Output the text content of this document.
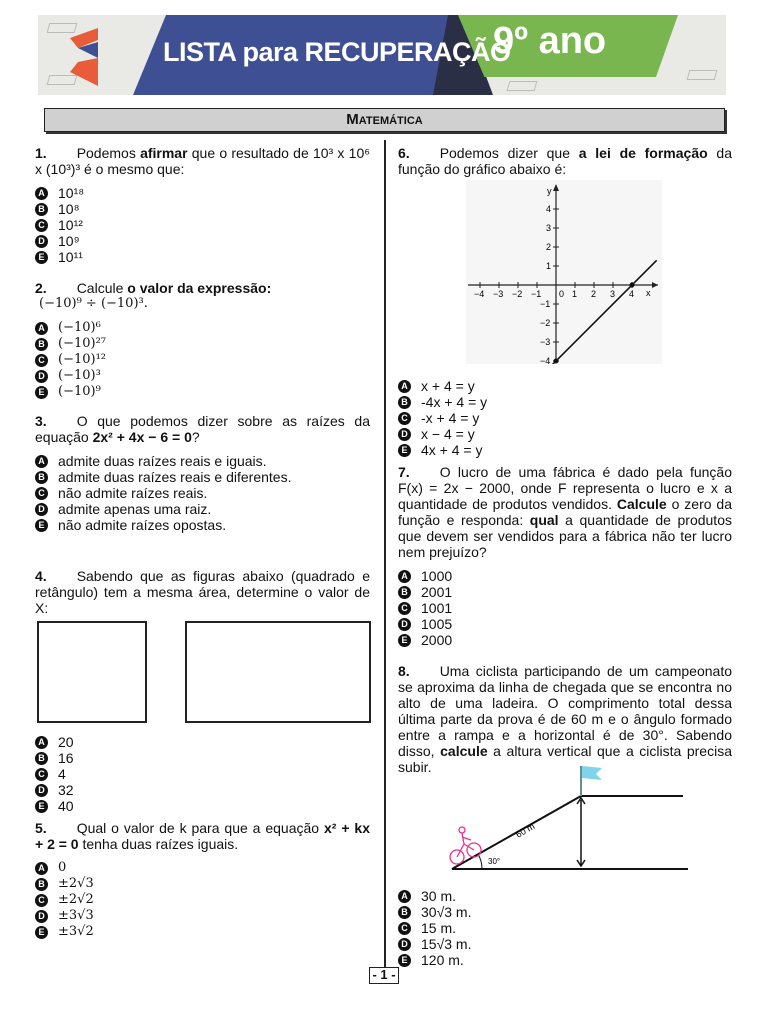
LISTA para RECUPERAÇÃO
9º ano
Matemática
1. Podemos afirmar que o resultado de 10³ x 10⁶ x (10³)³ é o mesmo que:
A 10¹⁸
B 10⁸
C 10¹²
D 10⁹
E 10¹¹
2. Calcule o valor da expressão:
(−10)⁹ ÷ (−10)³.
A (−10)⁶
B (−10)²⁷
C (−10)¹²
D (−10)³
E (−10)⁹
3. O que podemos dizer sobre as raízes da equação 2x² + 4x − 6 = 0?
A admite duas raízes reais e iguais.
B admite duas raízes reais e diferentes.
C não admite raízes reais.
D admite apenas uma raiz.
E não admite raízes opostas.
4. Sabendo que as figuras abaixo (quadrado e retângulo) tem a mesma área, determine o valor de X:
A 20
B 16
C 4
D 32
E 40
5. Qual o valor de k para que a equação x² + kx + 2 = 0 tenha duas raízes iguais.
A 0
B ±2√3
C ±2√2
D ±3√3
E ±3√2
6. Podemos dizer que a lei de formação da função do gráfico abaixo é:
A x + 4 = y
B -4x + 4 = y
C -x + 4 = y
D x − 4 = y
E 4x + 4 = y
7. O lucro de uma fábrica é dado pela função F(x) = 2x − 2000, onde F representa o lucro e x a quantidade de produtos vendidos. Calcule o zero da função e responda: qual a quantidade de produtos que devem ser vendidos para a fábrica não ter lucro nem prejuízo?
A 1000
B 2001
C 1001
D 1005
E 2000
8. Uma ciclista participando de um campeonato se aproxima da linha de chegada que se encontra no alto de uma ladeira. O comprimento total dessa última parte da prova é de 60 m e o ângulo formado entre a rampa e a horizontal é de 30°. Sabendo disso, calcule a altura vertical que a ciclista precisa subir.
A 30 m.
B 30√3 m.
C 15 m.
D 15√3 m.
E 120 m.
−4 −3 −2 −1 0 1 2 3 4
4
3
2
1
−1
−2
−3
−4
x
y
60 m
30°
- 1 -
